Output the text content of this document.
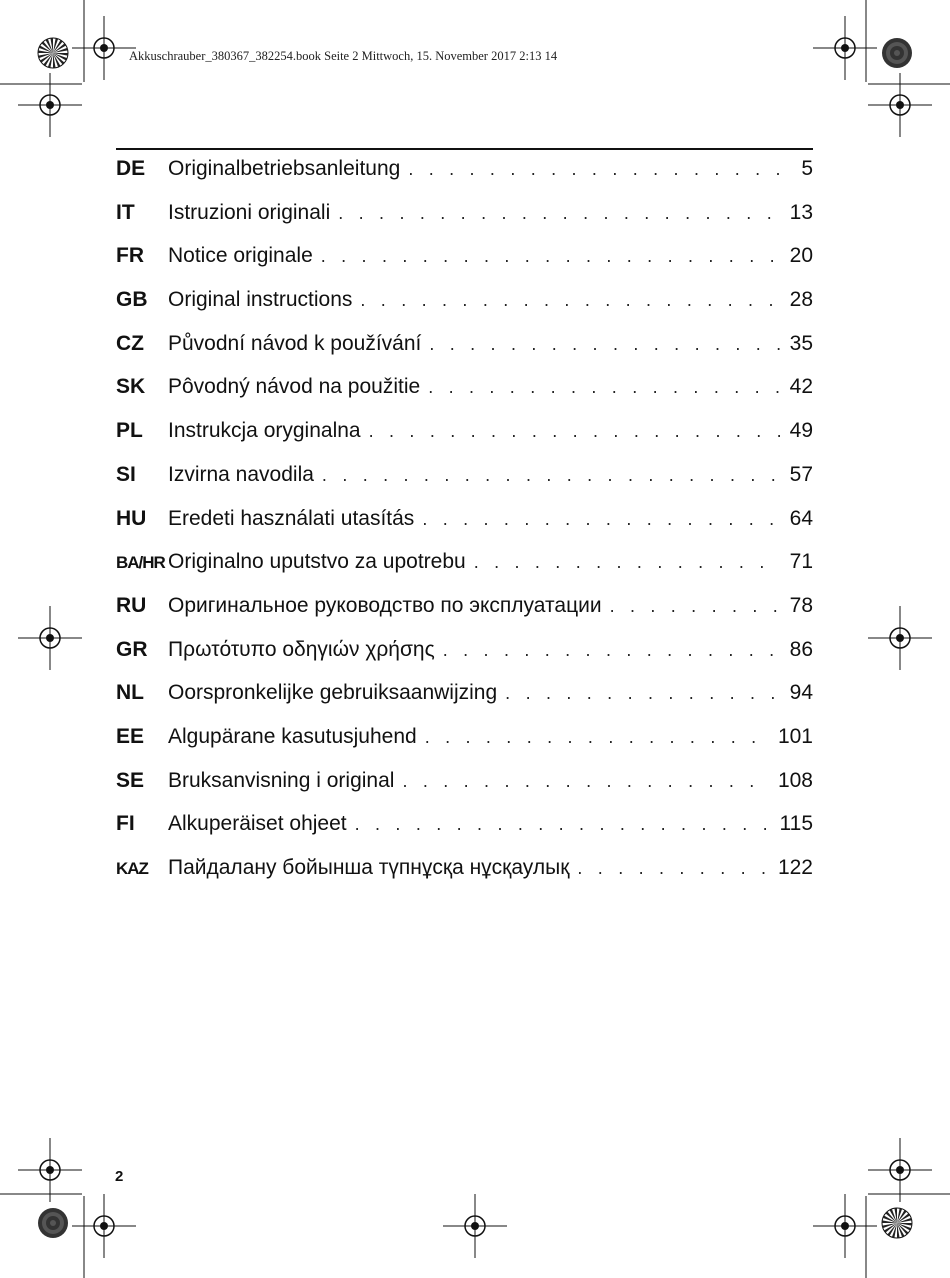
Akkuschrauber_380367_382254.book Seite 2 Mittwoch, 15. November 2017 2:13 14
DE	Originalbetriebsanleitung . . .	5
IT	Istruzioni originali . . .	13
FR	Notice originale . . .	20
GB Original instructions . . .	28
CZ	Původní návod k používání . . .	35
SK	Pôvodný návod na použitie . . .	42
PL	Instrukcja oryginalna . . .	49
SI	Izvirna navodila . . .	57
HU	Eredeti használati utasítás . . .	64
BA/HR Originalno uputstvo za upotrebu . . .	71
RU	Оригинальное руководство по эксплуатации . . .	78
GR Πρωτότυπο οδηγιών χρήσης . . .	86
NL	Oorspronkelijke gebruiksaanwijzing . . .	94
EE	Algupärane kasutusjuhend . . .	101
SE	Bruksanvisning i original . . .	108
FI	Alkuperäiset ohjeet . . .	115
KAZ Пайдалану бойынша түпнұсқа нұсқаулық . . .	122
2
